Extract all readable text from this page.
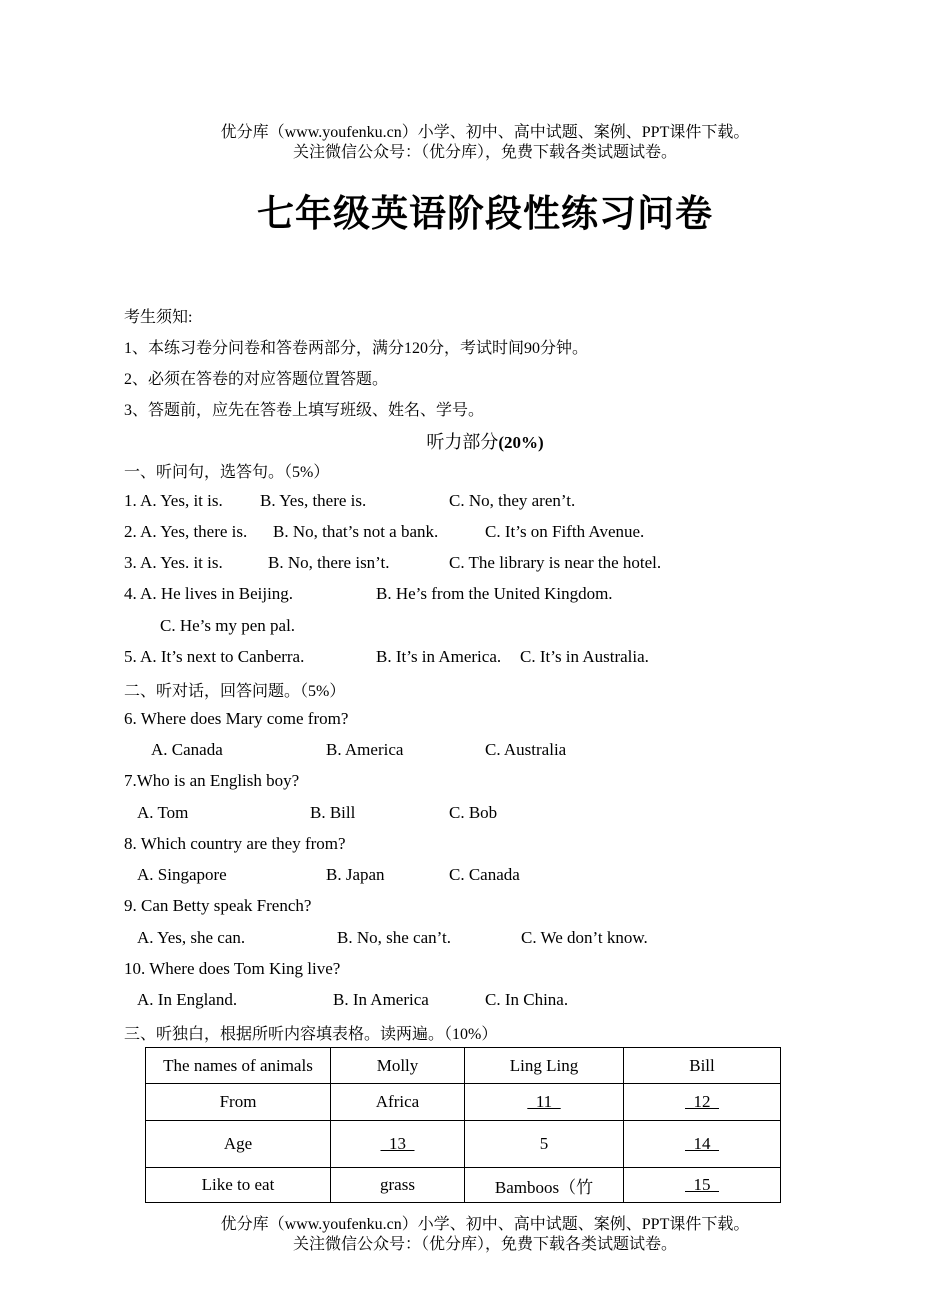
优分库（www.youfenku.cn）小学、初中、高中试题、案例、PPT课件下载。
关注微信公众号：（优分库），免费下载各类试题试卷。
七年级英语阶段性练习问卷
考生须知:
1、本练习卷分问卷和答卷两部分，满分120分，考试时间90分钟。
2、必须在答卷的对应答题位置答题。
3、答题前，应先在答卷上填写班级、姓名、学号。
听力部分(20%)
一、听问句，选答句。（5%）
1. A. Yes, it is. B. Yes, there is.	C. No, they aren’t.
2. A. Yes, there is. B. No, that’s not a bank.	C. It’s on Fifth Avenue.
3. A. Yes. it is.	B. No, there isn’t.	C. The library is near the hotel.
4. A. He lives in Beijing.	B. He’s from the United Kingdom.
C. He’s my pen pal.
5. A. It’s next to Canberra.	B. It’s in America. C. It’s in Australia.
二、听对话，回答问题。（5%）
6. Where does Mary come from?
A. Canada	B. America	C. Australia
7.Who is an English boy?
A. Tom	B. Bill	C. Bob
8. Which country are they from?
A. Singapore	B. Japan	C. Canada
9. Can Betty speak French?
A. Yes, she can.	B. No, she can’t.	C. We don’t know.
10. Where does Tom King live?
A. In England.	B. In America	C. In China.
三、听独白，根据所听内容填表格。读两遍。（10%）
The names of animals	Molly	Ling Ling	Bill
From	Africa	11	12
Age	13	5	14
Like to eat	grass	Bamboos（竹	15
优分库（www.youfenku.cn）小学、初中、高中试题、案例、PPT课件下载。
关注微信公众号：（优分库），免费下载各类试题试卷。
